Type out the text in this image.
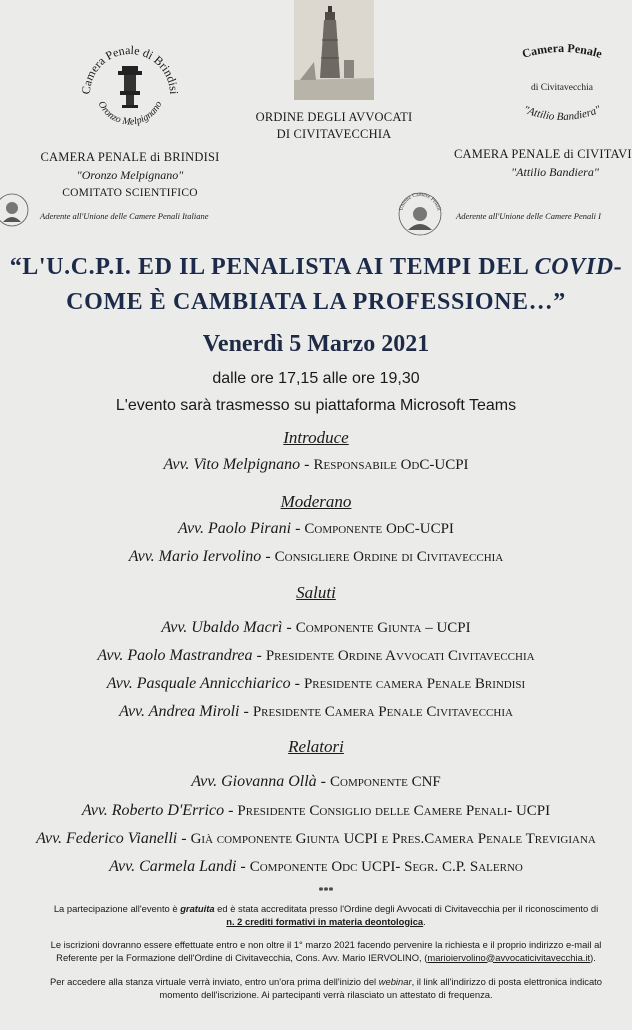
Camera Penale di Brindisi
Oronzo Melpignano
CAMERA PENALE di BRINDISI
"Oronzo Melpignano"
COMITATO SCIENTIFICO
Aderente all'Unione delle Camere Penali Italiane
ORDINE DEGLI AVVOCATI
DI CIVITAVECCHIA
Camera Penale
di Civitavecchia
"Attilio Bandiera"
CAMERA PENALE di CIVITAVI
"Attilio Bandiera"
Unione Camere Penali
Aderente all'Unione delle Camere Penali I
“L'U.C.P.I. ED IL PENALISTA AI TEMPI DEL COVID-
COME È CAMBIATA LA PROFESSIONE…”
Venerdì 5 Marzo 2021
dalle ore 17,15 alle ore 19,30
L'evento sarà trasmesso su piattaforma Microsoft Teams
Introduce
Avv. Vito Melpignano - Responsabile OdC-UCPI
Moderano
Avv. Paolo Pirani - Componente OdC-UCPI
Avv. Mario Iervolino - Consigliere Ordine di Civitavecchia
Saluti
Avv. Ubaldo Macrì - Componente Giunta – UCPI
Avv. Paolo Mastrandrea - Presidente Ordine Avvocati Civitavecchia
Avv. Pasquale Annicchiarico - Presidente camera Penale Brindisi
Avv. Andrea Miroli - Presidente Camera Penale Civitavecchia
Relatori
Avv. Giovanna Ollà - Componente CNF
Avv. Roberto D'Errico - Presidente Consiglio delle Camere Penali- UCPI
Avv. Federico Vianelli - Già componente Giunta UCPI e Pres.Camera Penale Trevigiana
Avv. Carmela Landi - Componente Odc UCPI- Segr. C.P. Salerno
***
La partecipazione all'evento è gratuita ed è stata accreditata presso l'Ordine degli Avvocati di Civitavecchia per il riconoscimento di
n. 2 crediti formativi in materia deontologica.
Le iscrizioni dovranno essere effettuate entro e non oltre il 1° marzo 2021 facendo pervenire la richiesta e il proprio indirizzo e-mail al
Referente per la Formazione dell'Ordine di Civitavecchia, Cons. Avv. Mario IERVOLINO, (marioiervolino@avvocaticivitavecchia.it).
Per accedere alla stanza virtuale verrà inviato, entro un'ora prima dell'inizio del webinar, il link all'indirizzo di posta elettronica indicato
momento dell'iscrizione. Ai partecipanti verrà rilasciato un attestato di frequenza.
